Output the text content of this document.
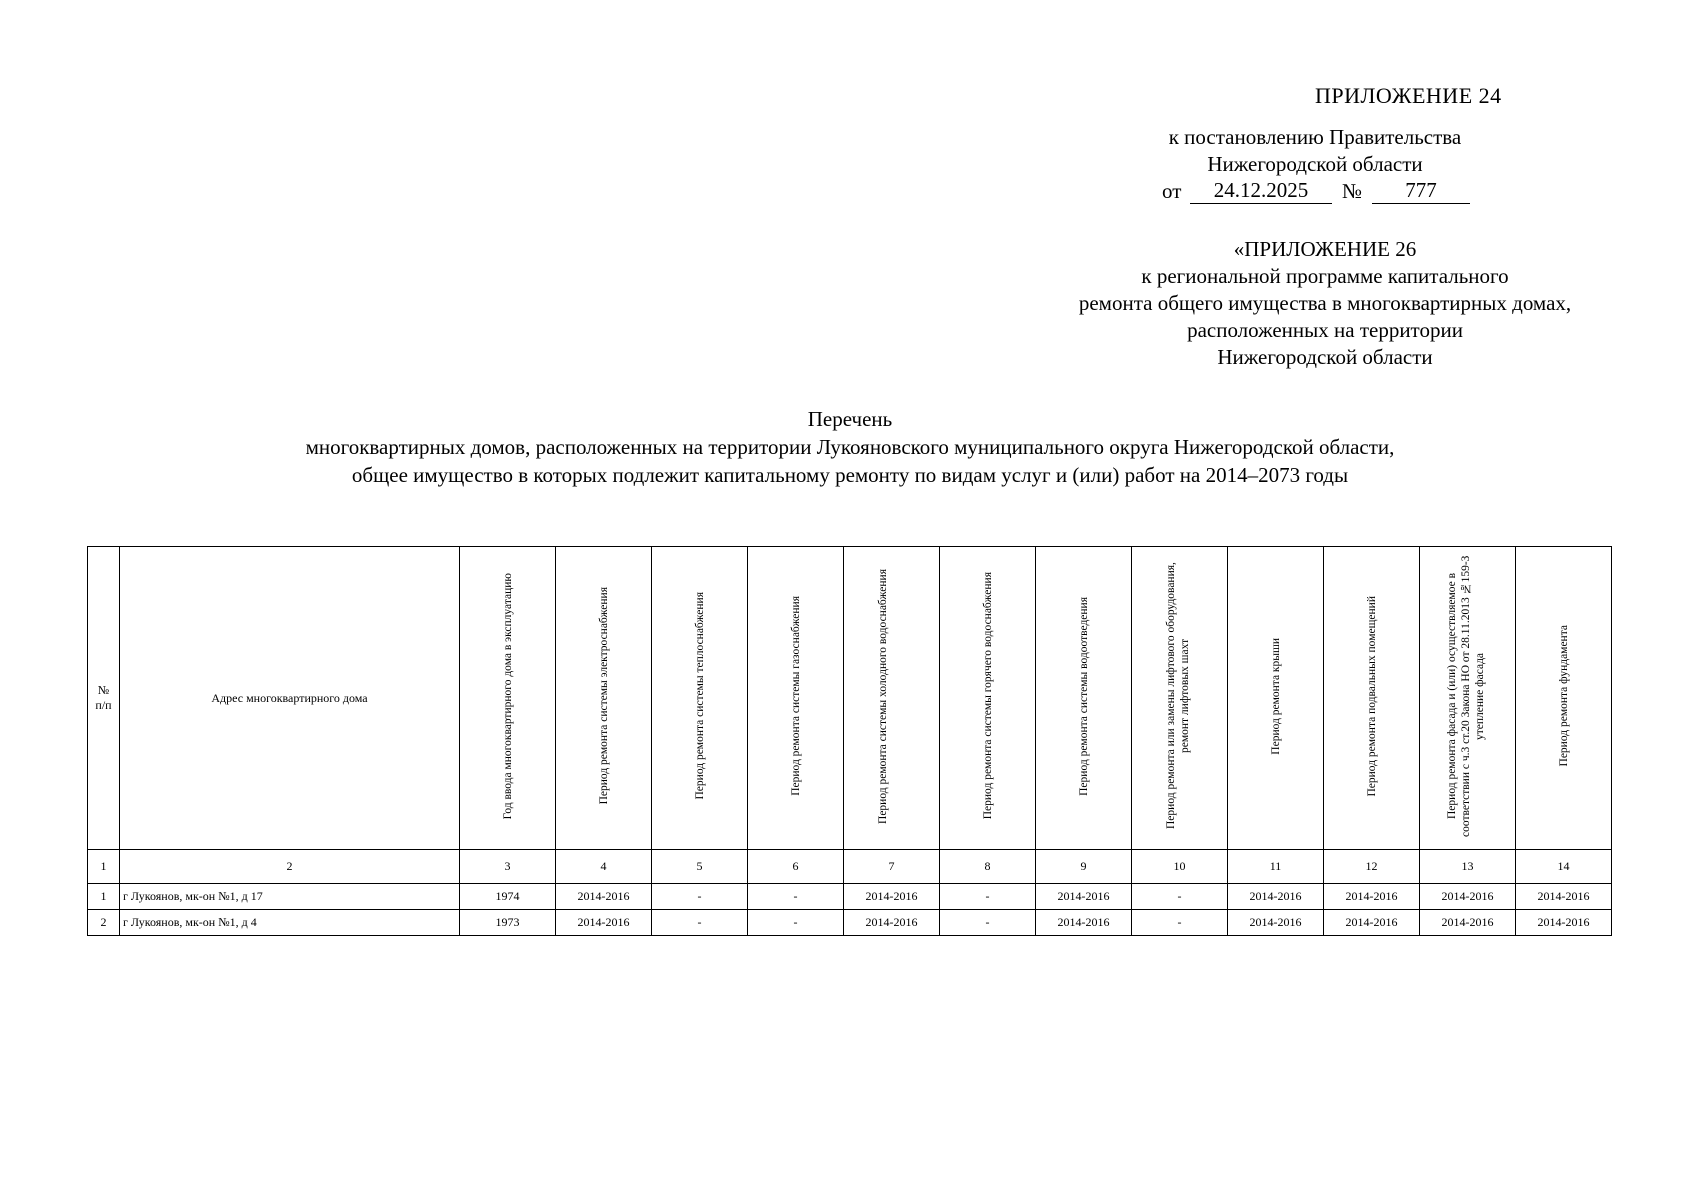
ПРИЛОЖЕНИЕ 24
к постановлению Правительства
Нижегородской области
от	24.12.2025	№	777
«ПРИЛОЖЕНИЕ 26
к региональной программе капитального
ремонта общего имущества в многоквартирных домах,
расположенных на территории
Нижегородской области
Перечень
многоквартирных домов, расположенных на территории Лукояновского муниципального округа Нижегородской области,
общее имущество в которых подлежит капитальному ремонту по видам услуг и (или) работ на 2014–2073 годы
№ п/п	Адрес многоквартирного дома	Год ввода многоквартирного дома в эксплуатацию	Период ремонта системы электроснабжения	Период ремонта системы теплоснабжения	Период ремонта системы газоснабжения	Период ремонта системы холодного водоснабжения	Период ремонта системы горячего водоснабжения	Период ремонта системы водоотведения	Период ремонта или замены лифтового оборудования, ремонт лифтовых шахт	Период ремонта крыши	Период ремонта подвальных помещений	Период ремонта фасада и (или) осуществляемое в соответствии с ч.3 ст.20 Закона НО от 28.11.2013 №159-З утепление фасада	Период ремонта фундамента
1	2	3	4	5	6	7	8	9	10	11	12	13	14
1	г Лукоянов, мк-он №1, д 17	1974	2014-2016	-	-	2014-2016	-	2014-2016	-	2014-2016	2014-2016	2014-2016	2014-2016
2	г Лукоянов, мк-он №1, д 4	1973	2014-2016	-	-	2014-2016	-	2014-2016	-	2014-2016	2014-2016	2014-2016	2014-2016
